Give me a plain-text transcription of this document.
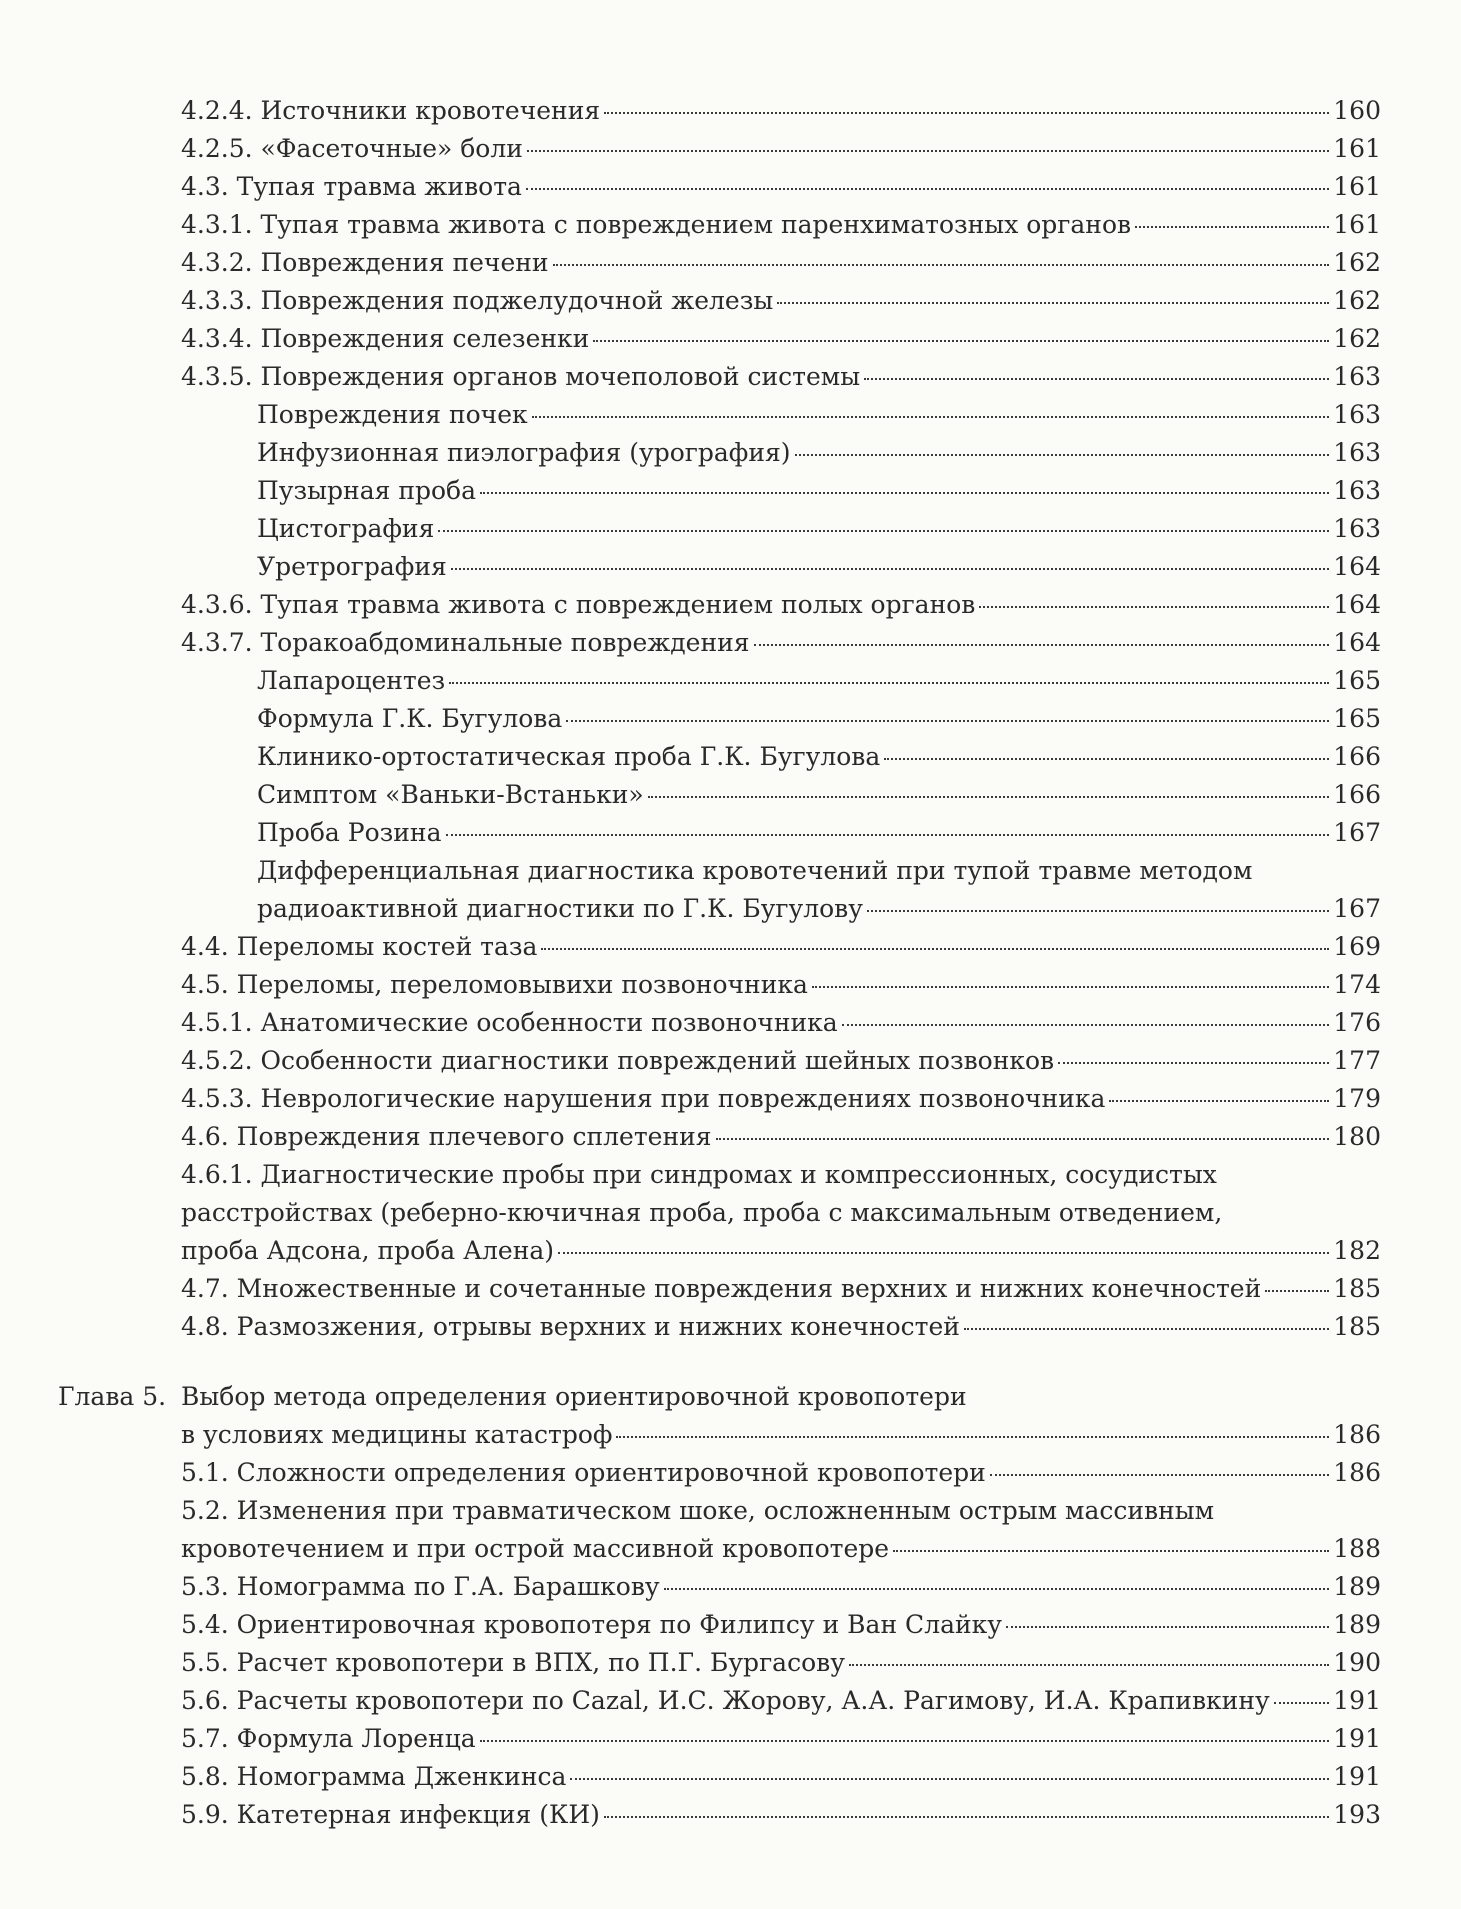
4.2.4. Источники кровотечения	160
4.2.5. «Фасеточные» боли	161
4.3. Тупая травма живота	161
4.3.1. Тупая травма живота с повреждением паренхиматозных органов	161
4.3.2. Повреждения печени	162
4.3.3. Повреждения поджелудочной железы	162
4.3.4. Повреждения селезенки	162
4.3.5. Повреждения органов мочеполовой системы	163
Повреждения почек	163
Инфузионная пиэлография (урография)	163
Пузырная проба	163
Цистография	163
Уретрография	164
4.3.6. Тупая травма живота с повреждением полых органов	164
4.3.7. Торакоабдоминальные повреждения	164
Лапароцентез	165
Формула Г.К. Бугулова	165
Клинико-ортостатическая проба Г.К. Бугулова	166
Симптом «Ваньки-Встаньки»	166
Проба Розина	167
Дифференциальная диагностика кровотечений при тупой травме методом
радиоактивной диагностики по Г.К. Бугулову	167
4.4. Переломы костей таза	169
4.5. Переломы, переломовывихи позвоночника	174
4.5.1. Анатомические особенности позвоночника	176
4.5.2. Особенности диагностики повреждений шейных позвонков	177
4.5.3. Неврологические нарушения при повреждениях позвоночника	179
4.6. Повреждения плечевого сплетения	180
4.6.1. Диагностические пробы при синдромах и компрессионных, сосудистых
расстройствах (реберно-кючичная проба, проба с максимальным отведением,
проба Адсона, проба Алена)	182
4.7. Множественные и сочетанные повреждения верхних и нижних конечностей	185
4.8. Размозжения, отрывы верхних и нижних конечностей	185
Глава 5. Выбор метода определения ориентировочной кровопотери
в условиях медицины катастроф	186
5.1. Сложности определения ориентировочной кровопотери	186
5.2. Изменения при травматическом шоке, осложненным острым массивным
кровотечением и при острой массивной кровопотере	188
5.3. Номограмма по Г.А. Барашкову	189
5.4. Ориентировочная кровопотеря по Филипсу и Ван Слайку	189
5.5. Расчет кровопотери в ВПХ, по П.Г. Бургасову	190
5.6. Расчеты кровопотери по Cazal, И.С. Жорову, А.А. Рагимову, И.А. Крапивкину	191
5.7. Формула Лоренца	191
5.8. Номограмма Дженкинса	191
5.9. Катетерная инфекция (КИ)	193
